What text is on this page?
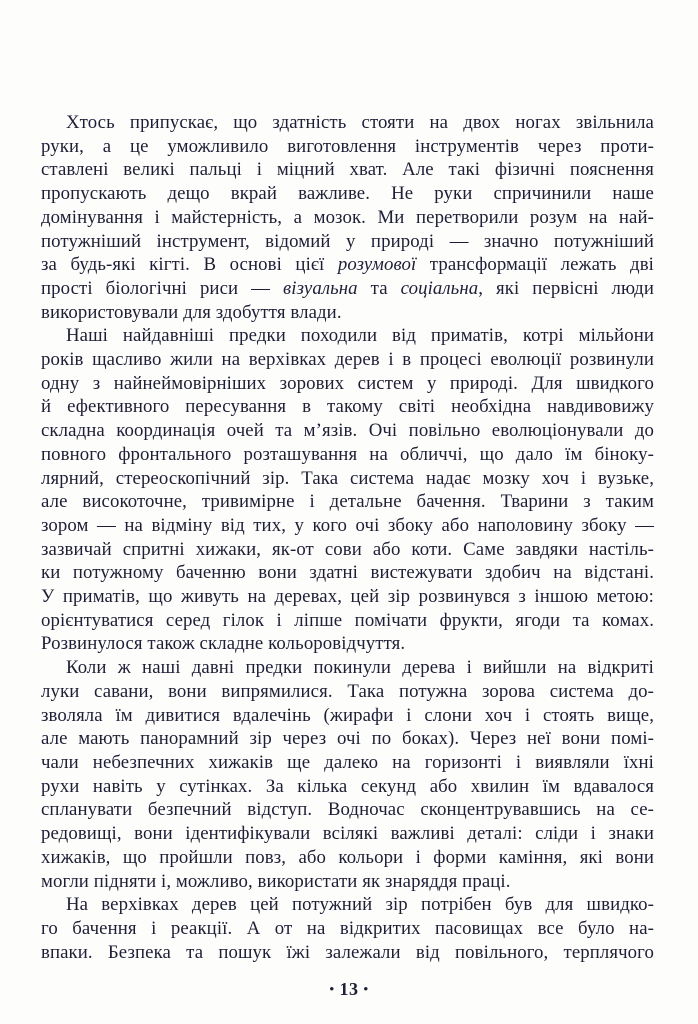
Хтось припускає, що здатність стояти на двох ногах звільнила
руки, а це уможливило виготовлення інструментів через проти-
ставлені великі пальці і міцний хват. Але такі фізичні пояснення
пропускають дещо вкрай важливе. Не руки спричинили наше
домінування і майстерність, а мозок. Ми перетворили розум на най-
потужніший інструмент, відомий у природі — значно потужніший
за будь-які кігті. В основі цієї розумової трансформації лежать дві
прості біологічні риси — візуальна та соціальна, які первісні люди
використовували для здобуття влади.
Наші найдавніші предки походили від приматів, котрі мільйони
років щасливо жили на верхівках дерев і в процесі еволюції розвинули
одну з найнеймовірніших зорових систем у природі. Для швидкого
й ефективного пересування в такому світі необхідна навдивовижу
складна координація очей та м’язів. Очі повільно еволюціонували до
повного фронтального розташування на обличчі, що дало їм біноку-
лярний, стереоскопічний зір. Така система надає мозку хоч і вузьке,
але високоточне, тривимірне і детальне бачення. Тварини з таким
зором — на відміну від тих, у кого очі збоку або наполовину збоку —
зазвичай спритні хижаки, як-от сови або коти. Саме завдяки настіль-
ки потужному баченню вони здатні вистежувати здобич на відстані.
У приматів, що живуть на деревах, цей зір розвинувся з іншою метою:
орієнтуватися серед гілок і ліпше помічати фрукти, ягоди та комах.
Розвинулося також складне кольоровідчуття.
Коли ж наші давні предки покинули дерева і вийшли на відкриті
луки савани, вони випрямилися. Така потужна зорова система до-
зволяла їм дивитися вдалечінь (жирафи і слони хоч і стоять вище,
але мають панорамний зір через очі по боках). Через неї вони помі-
чали небезпечних хижаків ще далеко на горизонті і виявляли їхні
рухи навіть у сутінках. За кілька секунд або хвилин їм вдавалося
спланувати безпечний відступ. Водночас сконцентрувавшись на се-
редовищі, вони ідентифікували всілякі важливі деталі: сліди і знаки
хижаків, що пройшли повз, або кольори і форми каміння, які вони
могли підняти і, можливо, використати як знаряддя праці.
На верхівках дерев цей потужний зір потрібен був для швидко-
го бачення і реакції. А от на відкритих пасовищах все було на-
впаки. Безпека та пошук їжі залежали від повільного, терплячого
• 13 •
